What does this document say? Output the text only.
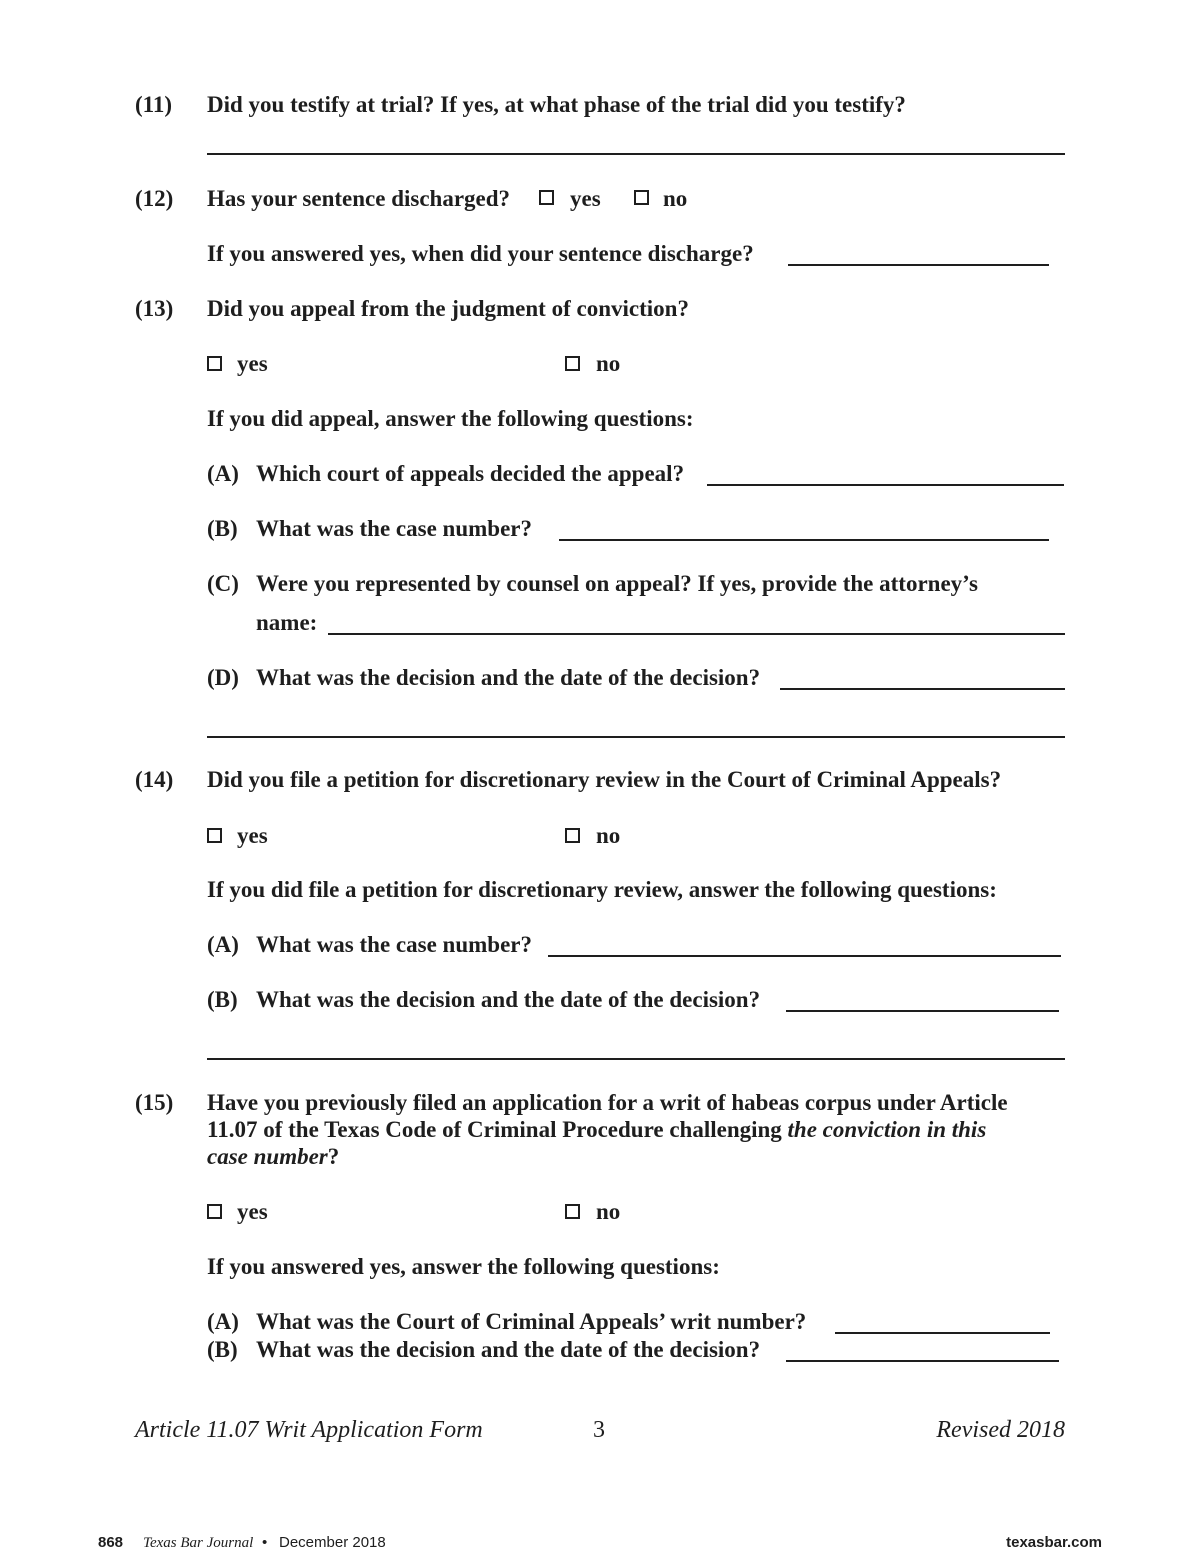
(11) Did you testify at trial? If yes, at what phase of the trial did you testify?
(12) Has your sentence discharged?	yes	no
If you answered yes, when did your sentence discharge?
(13) Did you appeal from the judgment of conviction?
yes	no
If you did appeal, answer the following questions:
(A) Which court of appeals decided the appeal?
(B) What was the case number?
(C) Were you represented by counsel on appeal? If yes, provide the attorney’s
name:
(D) What was the decision and the date of the decision?
(14) Did you file a petition for discretionary review in the Court of Criminal Appeals?
yes	no
If you did file a petition for discretionary review, answer the following questions:
(A) What was the case number?
(B) What was the decision and the date of the decision?
(15) Have you previously filed an application for a writ of habeas corpus under Article
11.07 of the Texas Code of Criminal Procedure challenging the conviction in this
case number?
yes	no
If you answered yes, answer the following questions:
(A) What was the Court of Criminal Appeals’ writ number?
(B) What was the decision and the date of the decision?
Article 11.07 Writ Application Form	3	Revised 2018
868 Texas Bar Journal • December 2018	texasbar.com
